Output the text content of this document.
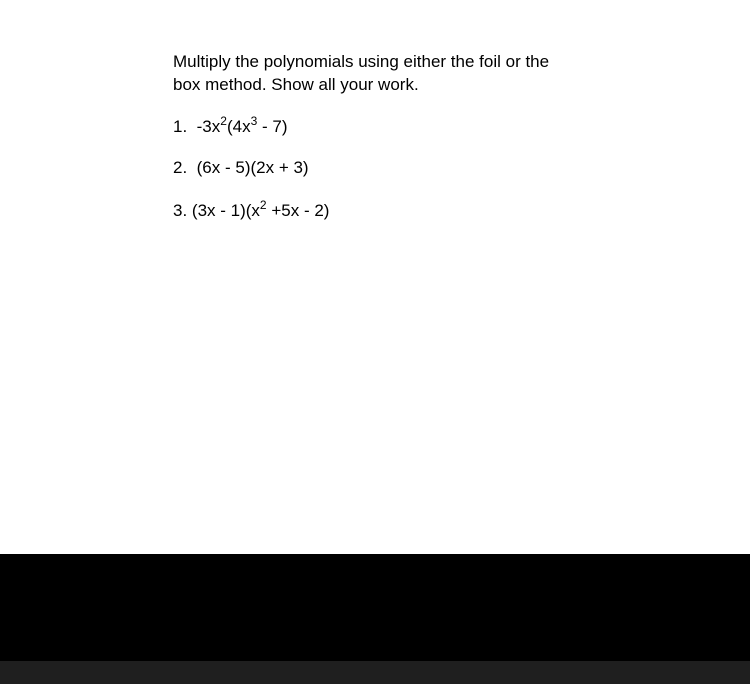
Multiply the polynomials using either the foil or the
box method. Show all your work.

1. $-3x^2(4x^3 - 7)$

2. (6x - 5)(2x + 3)

3. $(3x - 1)(x^2 +5x - 2)$
